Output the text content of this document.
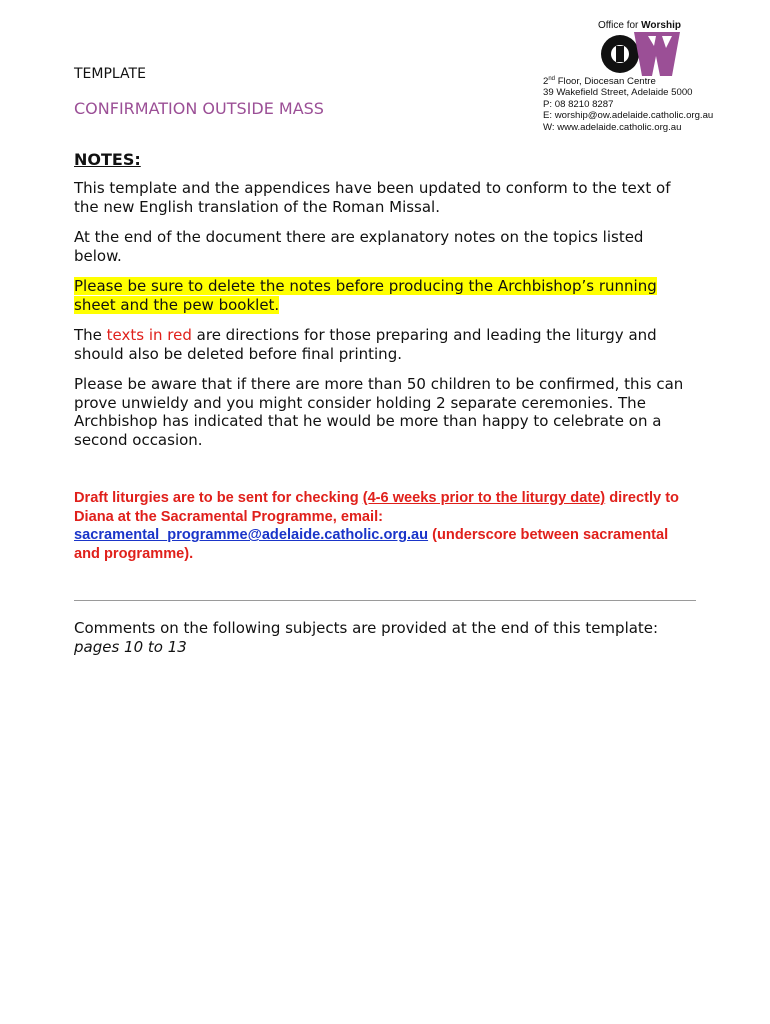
Office for Worship
2nd Floor, Diocesan Centre
39 Wakefield Street, Adelaide 5000
P: 08 8210 8287
E: worship@ow.adelaide.catholic.org.au
W: www.adelaide.catholic.org.au
TEMPLATE
CONFIRMATION OUTSIDE MASS
NOTES:

This template and the appendices have been updated to conform to the text of the new English translation of the Roman Missal.

At the end of the document there are explanatory notes on the topics listed below.

Please be sure to delete the notes before producing the Archbishop’s running sheet and the pew booklet.

The texts in red are directions for those preparing and leading the liturgy and should also be deleted before final printing.

Please be aware that if there are more than 50 children to be confirmed, this can prove unwieldy and you might consider holding 2 separate ceremonies. The Archbishop has indicated that he would be more than happy to celebrate on a second occasion.

Draft liturgies are to be sent for checking (4-6 weeks prior to the liturgy date) directly to Diana at the Sacramental Programme, email: sacramental_programme@adelaide.catholic.org.au (underscore between sacramental and programme).
Comments on the following subjects are provided at the end of this template: pages 10 to 13
